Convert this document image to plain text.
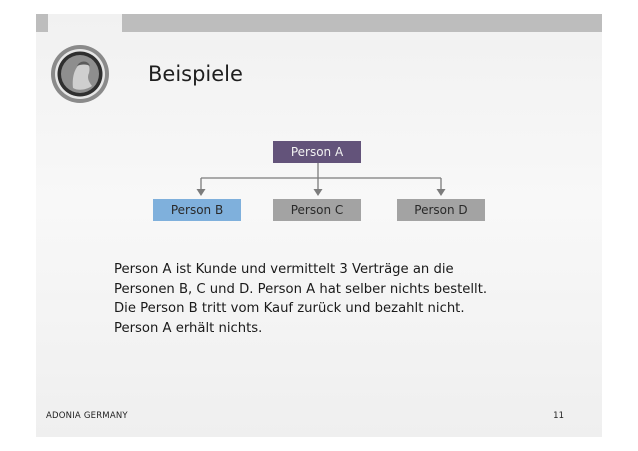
Beispiele
Person A
Person B	Person C	Person D
Person A ist Kunde und vermittelt 3 Verträge an die
Personen B, C und D. Person A hat selber nichts bestellt.
Die Person B tritt vom Kauf zurück und bezahlt nicht.
Person A erhält nichts.
ADONIA GERMANY	11
